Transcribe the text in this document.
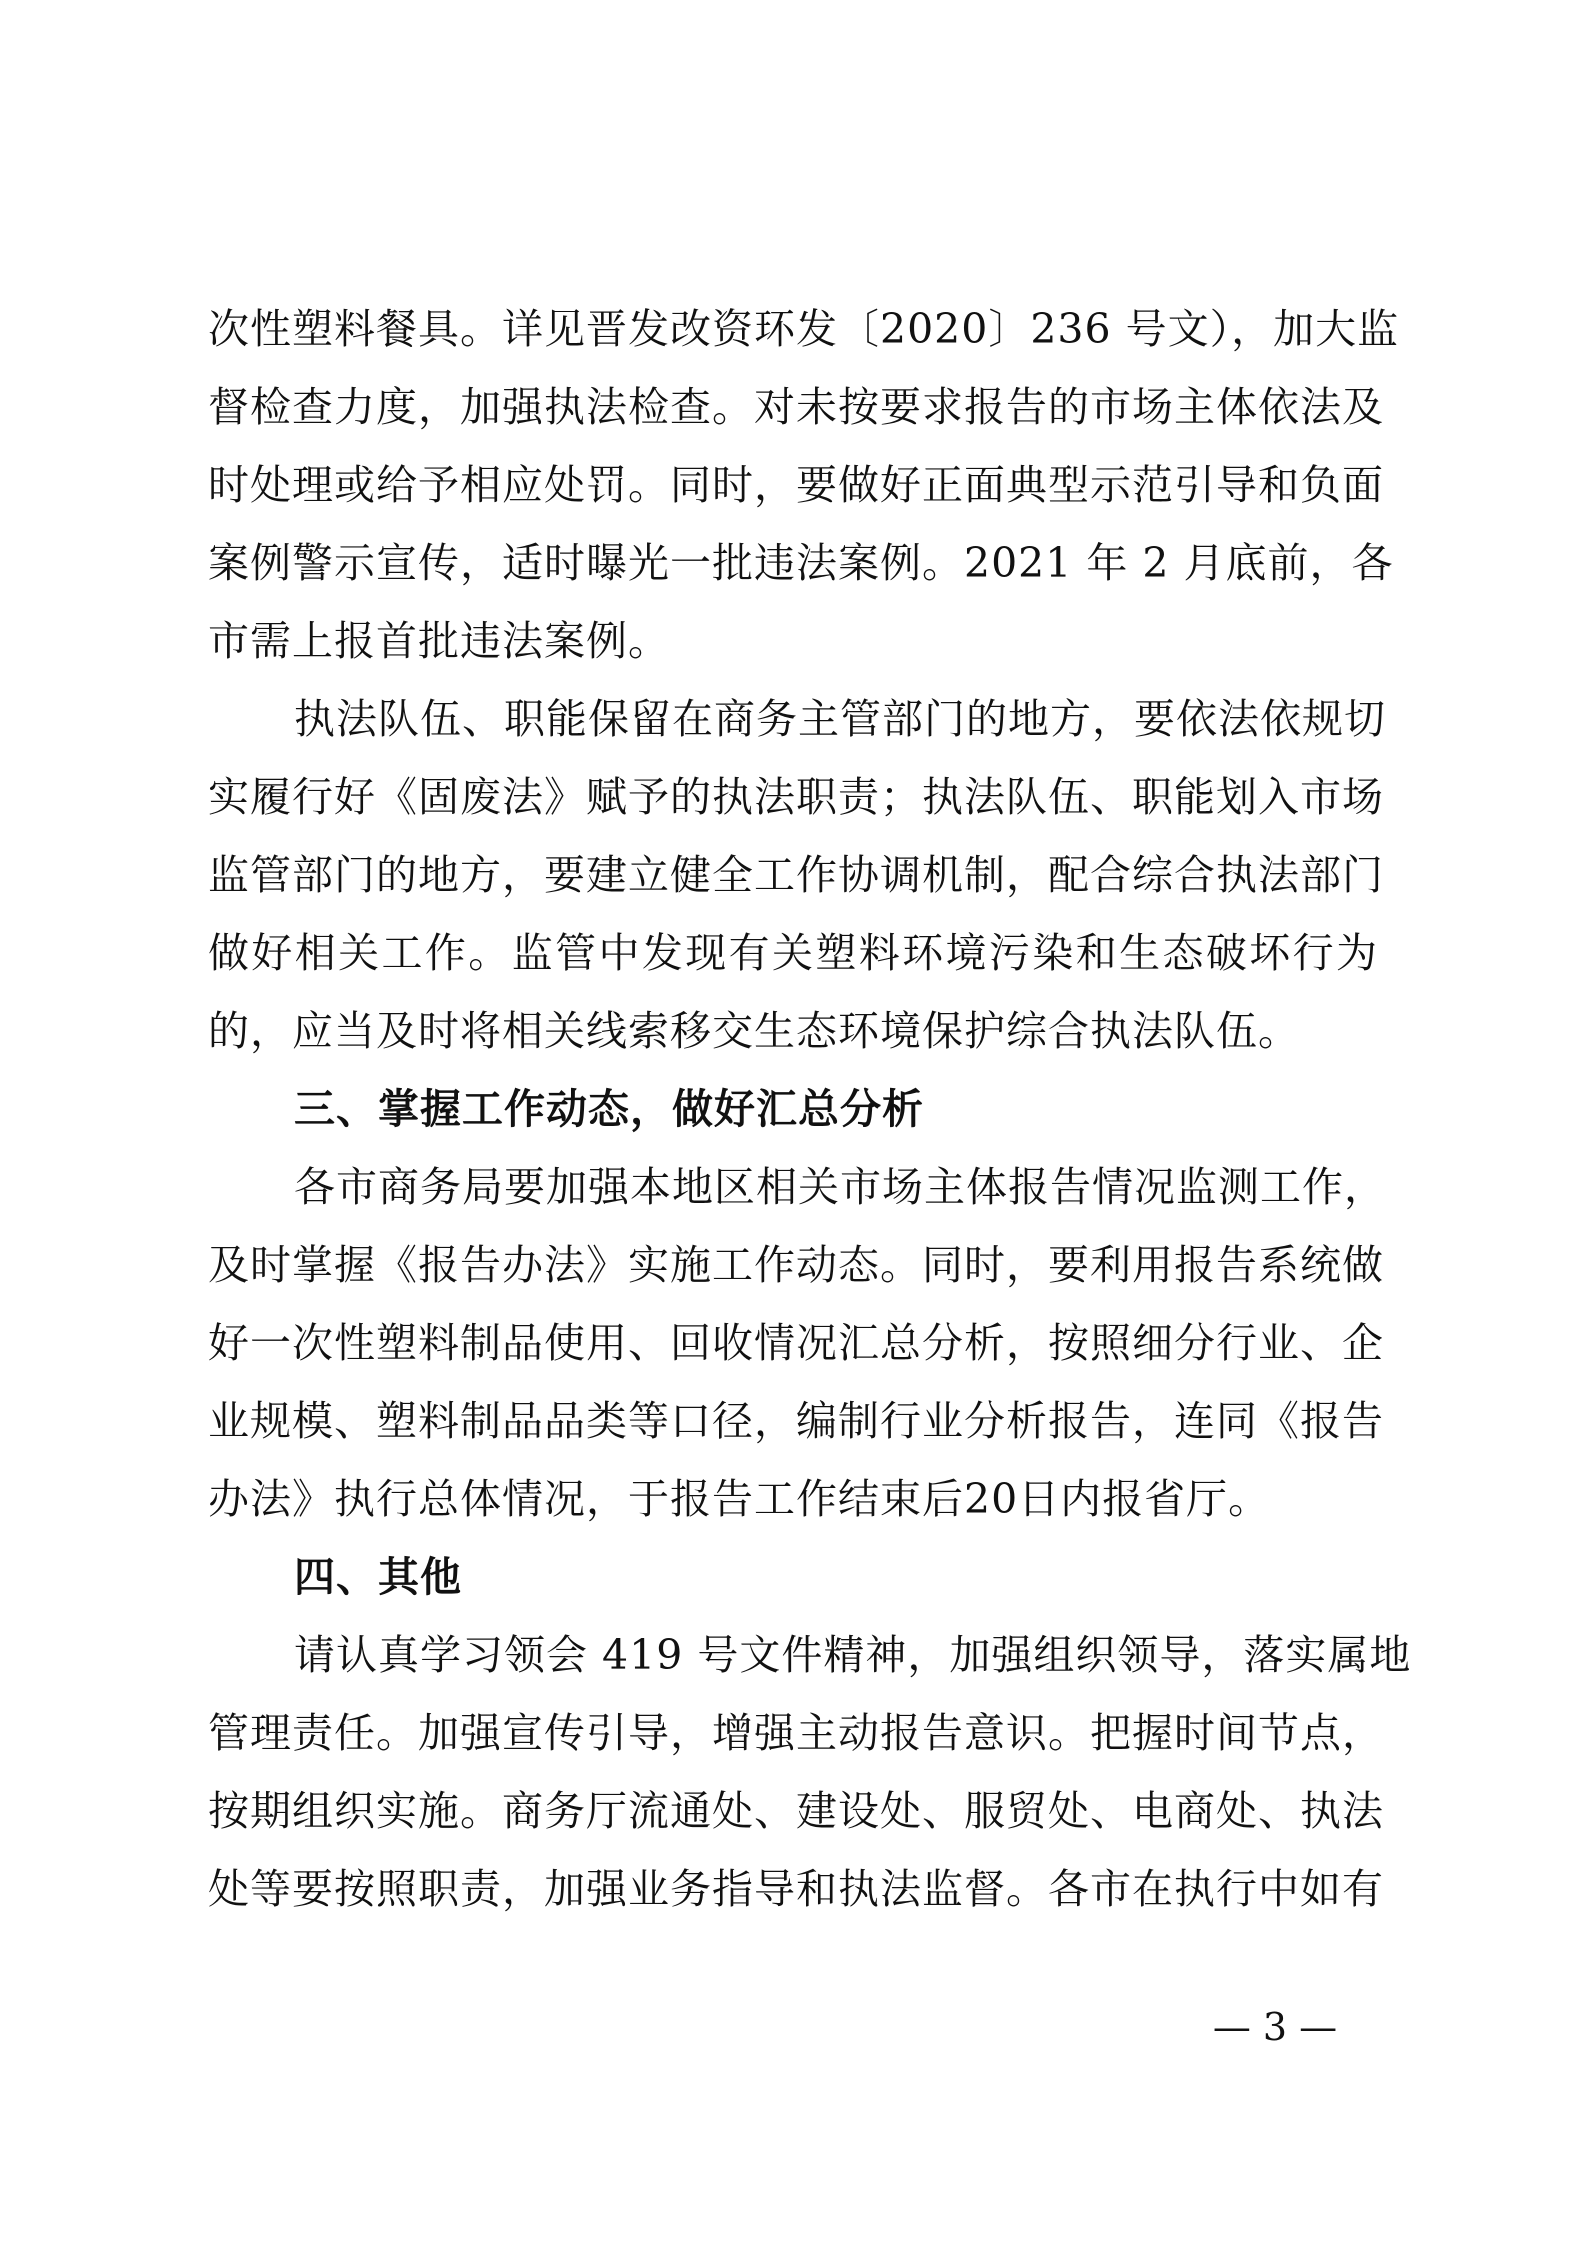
次性塑料餐具。详见晋发改资环发〔2020〕236 号文），加大监
督检查力度，加强执法检查。对未按要求报告的市场主体依法及
时处理或给予相应处罚。同时，要做好正面典型示范引导和负面
案例警示宣传，适时曝光一批违法案例。2021 年 2 月底前，各
市需上报首批违法案例。
执法队伍、职能保留在商务主管部门的地方，要依法依规切
实履行好《固废法》赋予的执法职责；执法队伍、职能划入市场
监管部门的地方，要建立健全工作协调机制，配合综合执法部门
做好相关工作。监管中发现有关塑料环境污染和生态破坏行为
的，应当及时将相关线索移交生态环境保护综合执法队伍。
三、掌握工作动态，做好汇总分析
各市商务局要加强本地区相关市场主体报告情况监测工作，
及时掌握《报告办法》实施工作动态。同时，要利用报告系统做
好一次性塑料制品使用、回收情况汇总分析，按照细分行业、企
业规模、塑料制品品类等口径，编制行业分析报告，连同《报告
办法》执行总体情况，于报告工作结束后20日内报省厅。
四、其他
请认真学习领会 419 号文件精神，加强组织领导，落实属地
管理责任。加强宣传引导，增强主动报告意识。把握时间节点，
按期组织实施。商务厅流通处、建设处、服贸处、电商处、执法
处等要按照职责，加强业务指导和执法监督。各市在执行中如有
— 3 —
